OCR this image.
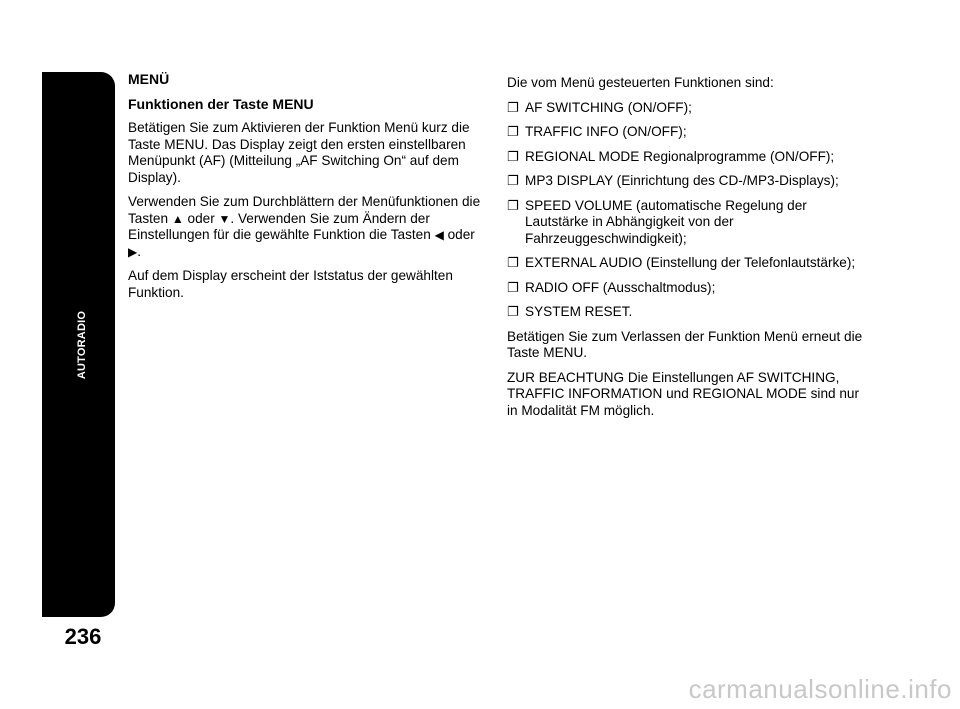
AUTORADIO
236

MENÜ

Funktionen der Taste MENU

Betätigen Sie zum Aktivieren der Funktion Menü kurz die Taste MENU. Das Display zeigt den ersten einstellbaren Menüpunkt (AF) (Mitteilung „AF Switching On“ auf dem Display).

Verwenden Sie zum Durchblättern der Menüfunktionen die Tasten ▲ oder ▼. Verwenden Sie zum Ändern der Einstellungen für die gewählte Funktion die Tasten ◀ oder ▶.

Auf dem Display erscheint der Iststatus der gewählten Funktion.

Die vom Menü gesteuerten Funktionen sind:

❐ AF SWITCHING (ON/OFF);
❐ TRAFFIC INFO (ON/OFF);
❐ REGIONAL MODE Regionalprogramme (ON/OFF);
❐ MP3 DISPLAY (Einrichtung des CD-/MP3-Displays);
❐ SPEED VOLUME (automatische Regelung der Lautstärke in Abhängigkeit von der Fahrzeuggeschwindigkeit);
❐ EXTERNAL AUDIO (Einstellung der Telefonlautstärke);
❐ RADIO OFF (Ausschaltmodus);
❐ SYSTEM RESET.

Betätigen Sie zum Verlassen der Funktion Menü erneut die Taste MENU.

ZUR BEACHTUNG Die Einstellungen AF SWITCHING, TRAFFIC INFORMATION und REGIONAL MODE sind nur in Modalität FM möglich.

carmanualsonline.info
